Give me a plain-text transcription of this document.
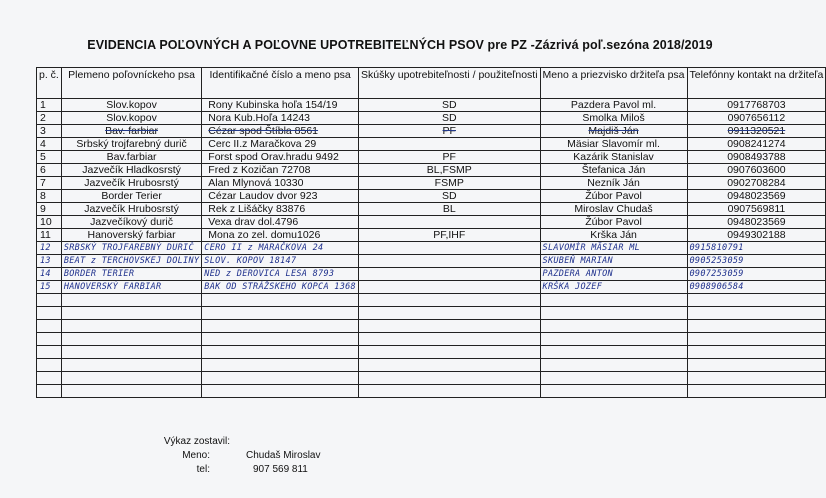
EVIDENCIA POĽOVNÝCH A POĽOVNE UPOTREBITEĽNÝCH PSOV pre PZ -Zázrivá poľ.sezóna 2018/2019
p. č.	Plemeno poľovníckeho psa	Identifikačné číslo a meno psa	Skúšky upotrebiteľnosti / použiteľnosti	Meno a priezvisko držiteľa psa	Telefónny kontakt na držiteľa
1	Slov.kopov	Rony Kubinska hoľa 154/19	SD	Pazdera Pavol ml.	0917768703
2	Slov.kopov	Nora Kub.Hoľa 14243	SD	Smolka Miloš	0907656112
3	Bav. farbiar	Cézar spod Štíbla 8561	PF	Majdiš Ján	0911320521
4	Srbský trojfarebný durič	Cerc II.z Maračkova 29		Mäsiar Slavomír ml.	0908241274
5	Bav.farbiar	Forst spod Orav.hradu 9492	PF	Kazárik Stanislav	0908493788
6	Jazvečík Hladkosrstý	Fred z Kozičan 72708	BL,FSMP	Štefanica Ján	0907603600
7	Jazvečík Hrubosrstý	Alan Mlynová 10330	FSMP	Nezník Ján	0902708284
8	Border Terier	Cézar Laudov dvor 923	SD	Žúbor Pavol	0948023569
9	Jazvečík Hrubosrstý	Rek z Lišáčky 83876	BL	Miroslav Chudaš	0907569811
10	Jazvečíkový durič	Vexa drav dol.4796		Žúbor Pavol	0948023569
11	Hanoverský farbiar	Mona zo zel. domu1026	PF,IHF	Krška Ján	0949302188
12	SRBSKÝ TROJFAREBNÝ DURIČ	CERO II z MARAČKOVA 24		SLAVOMÍR MÄSIAR ML	0915810791
13	BEAT z TERCHOVSKEJ DOLINY	SLOV. KOPOV 18147		SKUBEŇ MARIAN	0905253059
14	BORDER TERIER	NED z DEROVICA LESA 8793		PAZDERA ANTON	0907253059
15	HANOVERSKÝ FARBIAR	BAK OD STRÁŽSKEHO KOPCA 1368		KRŠKA JOZEF	0908906584

Výkaz zostavil:
Meno:	Chudaš Miroslav
tel:	907 569 811
